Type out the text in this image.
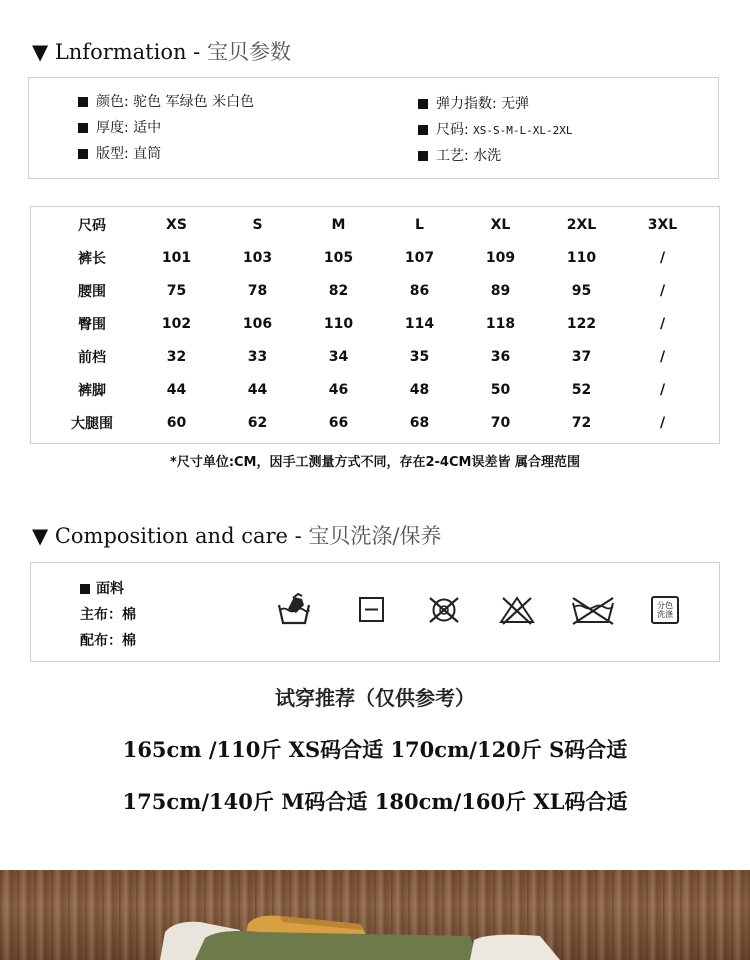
▼ Lnformation - 宝贝参数
颜色: 驼色 军绿色 米白色
厚度: 适中
版型: 直筒
弹力指数: 无弹
尺码: XS-S-M-L-XL-2XL
工艺: 水洗
尺码	XS	S	M	L	XL	2XL	3XL
裤长	101	103	105	107	109	110	/
腰围	75	78	82	86	89	95	/
臀围	102	106	110	114	118	122	/
前档	32	33	34	35	36	37	/
裤脚	44	44	46	48	50	52	/
大腿围	60	62	66	68	70	72	/
*尺寸单位:CM，因手工测量方式不同，存在2-4CM误差皆 属合理范围
▼ Composition and care - 宝贝洗涤/保养
面料
主布：棉
配布：棉
分色
洗涤
试穿推荐（仅供参考）
165cm /110斤 XS码合适 170cm/120斤 S码合适
175cm/140斤 M码合适 180cm/160斤 XL码合适
